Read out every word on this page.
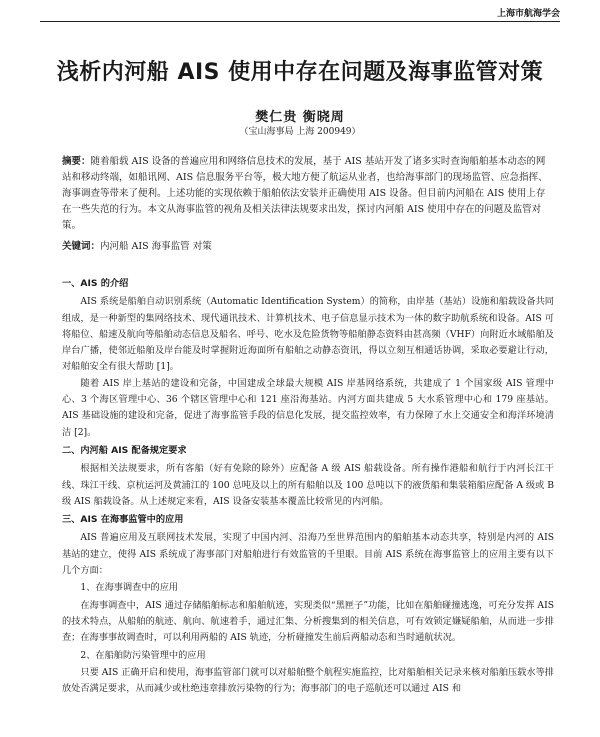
上海市航海学会
浅析内河船 AIS 使用中存在问题及海事监管对策
樊仁贵 衡晓周
（宝山海事局 上海 200949）

摘要：随着船载 AIS 设备的普遍应用和网络信息技术的发展，基于 AIS 基站开发了诸多实时查询船舶基本动态的网站和移动终端，如船讯网、AIS 信息服务平台等，极大地方便了航运从业者，也给海事部门的现场监管、应急指挥、海事调查等带来了便利。上述功能的实现依赖于船舶依法安装并正确使用 AIS 设备。但目前内河船在 AIS 使用上存在一些失范的行为。本文从海事监管的视角及相关法律法规要求出发，探讨内河船 AIS 使用中存在的问题及监管对策。

关键词：内河船 AIS 海事监管 对策

一、AIS 的介绍

AIS 系统是船舶自动识别系统（Automatic Identification System）的简称，由岸基（基站）设施和船载设备共同组成，是一种新型的集网络技术、现代通讯技术、计算机技术、电子信息显示技术为一体的数字助航系统和设备。AIS 可将船位、船速及航向等船舶动态信息及船名、呼号、吃水及危险货物等船舶静态资料由甚高频（VHF）向附近水域船舶及岸台广播，使邻近船舶及岸台能及时掌握附近海面所有船舶之动静态资讯，得以立刻互相通话协调，采取必要避让行动，对船舶安全有很大帮助 [1]。

随着 AIS 岸上基站的建设和完备，中国建成全球最大规模 AIS 岸基网络系统，共建成了 1 个国家级 AIS 管理中心、3 个海区管理中心、36 个辖区管理中心和 121 座沿海基站。内河方面共建成 5 大水系管理中心和 179 座基站。AIS 基础设施的建设和完备，促进了海事监管手段的信息化发展，提交监控效率，有力保障了水上交通安全和海洋环境清洁 [2]。

二、内河船 AIS 配备规定要求

根据相关法规要求，所有客船（好有免除的除外）应配备 A 级 AIS 船载设备。所有操作港船和航行于内河长江干线、珠江干线、京杭运河及黄浦江的 100 总吨及以上的所有船舶以及 100 总吨以下的液货船和集装箱船应配备 A 级或 B 级 AIS 船载设备。从上述规定来看，AIS 设备安装基本覆盖比较常见的内河船。

三、AIS 在海事监管中的应用

AIS 普遍应用及互联网技术发展，实现了中国内河、沿海乃至世界范围内的船舶基本动态共享，特别是内河的 AIS 基站的建立，使得 AIS 系统成了海事部门对船舶进行有效监管的千里眼。目前 AIS 系统在海事监管上的应用主要有以下几个方面：

1、在海事调查中的应用

在海事调查中，AIS 通过存储船舶标志和船舶航迹，实现类似“黑匣子”功能，比如在船舶碰撞逃逸，可充分发挥 AIS 的技术特点，从船舶的航迹、航向、航速着手，通过汇集、分析搜集到的相关信息，可有效锁定嫌疑船舶，从而进一步排查；在海事事故调查时，可以利用两船的 AIS 轨迹，分析碰撞发生前后两船动态和当时通航状况。

2、在船舶防污染管理中的应用

只要 AIS 正确开启和使用，海事监管部门就可以对船舶整个航程实施监控，比对船舶相关记录来核对船舶压载水等排放处否满足要求，从而减少或杜绝违章排放污染物的行为；海事部门的电子巡航还可以通过 AIS 和
